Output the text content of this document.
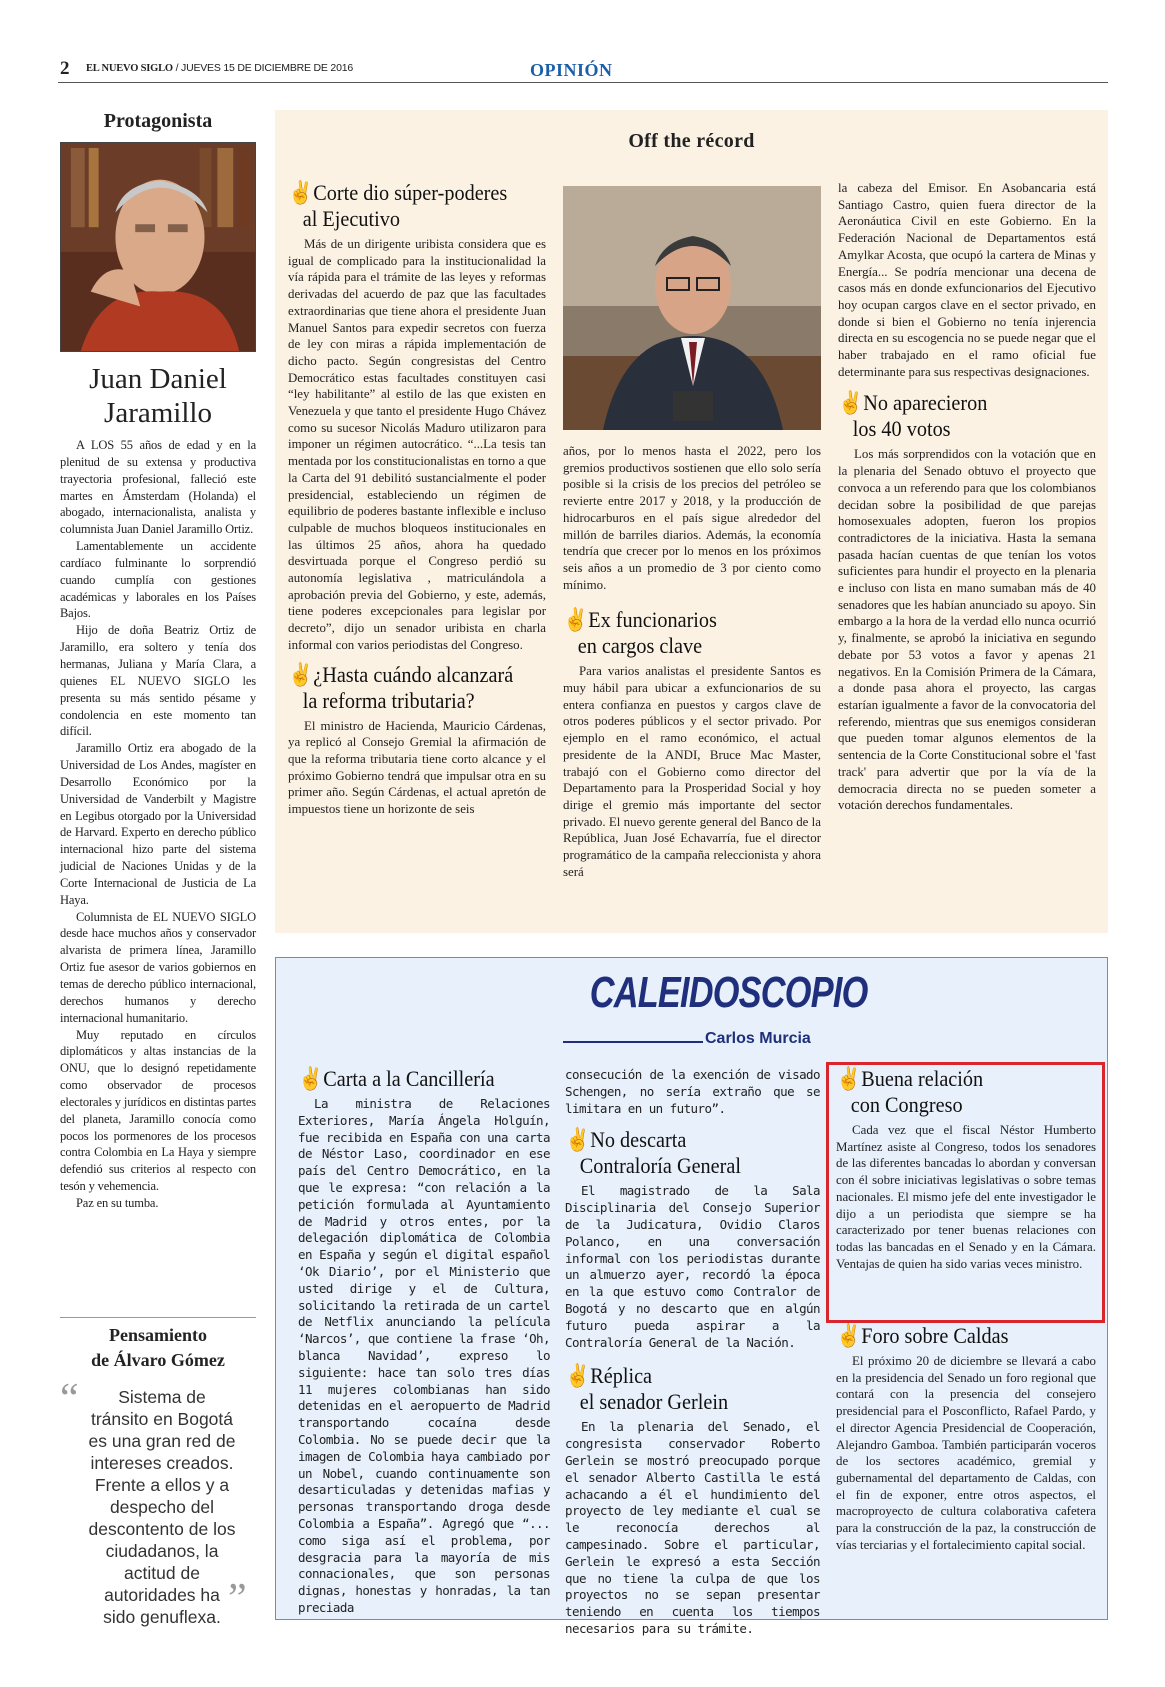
2 EL NUEVO SIGLO / JUEVES 15 DE DICIEMBRE DE 2016	OPINIÓN
Protagonista
Juan Daniel
Jaramillo

A LOS 55 años de edad y en la plenitud de su extensa y productiva trayectoria profesional, falleció este martes en Ámsterdam (Holanda) el abogado, internacionalista, analista y columnista Juan Daniel Jaramillo Ortiz.

Lamentablemente un accidente cardíaco fulminante lo sorprendió cuando cumplía con gestiones académicas y laborales en los Países Bajos.

Hijo de doña Beatriz Ortiz de Jaramillo, era soltero y tenía dos hermanas, Juliana y María Clara, a quienes EL NUEVO SIGLO les presenta su más sentido pésame y condolencia en este momento tan difícil.

Jaramillo Ortiz era abogado de la Universidad de Los Andes, magíster en Desarrollo Económico por la Universidad de Vanderbilt y Magistre en Legibus otorgado por la Universidad de Harvard. Experto en derecho público internacional hizo parte del sistema judicial de Naciones Unidas y de la Corte Internacional de Justicia de La Haya.

Columnista de EL NUEVO SIGLO desde hace muchos años y conservador alvarista de primera línea, Jaramillo Ortiz fue asesor de varios gobiernos en temas de derecho público internacional, derechos humanos y derecho internacional humanitario.

Muy reputado en círculos diplomáticos y altas instancias de la ONU, que lo designó repetidamente como observador de procesos electorales y jurídicos en distintas partes del planeta, Jaramillo conocía como pocos los pormenores de los procesos contra Colombia en La Haya y siempre defendió sus criterios al respecto con tesón y vehemencia.

Paz en su tumba.

Pensamiento
de Álvaro Gómez
“	Sistema de tránsito en Bogotá es una gran red de intereses creados. Frente a ellos y a despecho del descontento de los ciudadanos, la actitud de autoridades ha sido genuflexa. ”
Off the récord
✌Corte dio súper-poderes
al Ejecutivo

Más de un dirigente uribista considera que es igual de complicado para la institucionalidad la vía rápida para el trámite de las leyes y reformas derivadas del acuerdo de paz que las facultades extraordinarias que tiene ahora el presidente Juan Manuel Santos para expedir secretos con fuerza de ley con miras a rápida implementación de dicho pacto. Según congresistas del Centro Democrático estas facultades constituyen casi “ley habilitante” al estilo de las que existen en Venezuela y que tanto el presidente Hugo Chávez como su sucesor Nicolás Maduro utilizaron para imponer un régimen autocrático. “...La tesis tan mentada por los constitucionalistas en torno a que la Carta del 91 debilitó sustancialmente el poder presidencial, estableciendo un régimen de equilibrio de poderes bastante inflexible e incluso culpable de muchos bloqueos institucionales en las últimos 25 años, ahora ha quedado desvirtuada porque el Congreso perdió su autonomía legislativa , matriculándola a aprobación previa del Gobierno, y este, además, tiene poderes excepcionales para legislar por decreto”, dijo un senador uribista en charla informal con varios periodistas del Congreso.

✌¿Hasta cuándo alcanzará
la reforma tributaria?

El ministro de Hacienda, Mauricio Cárdenas, ya replicó al Consejo Gremial la afirmación de que la reforma tributaria tiene corto alcance y el próximo Gobierno tendrá que impulsar otra en su primer año. Según Cárdenas, el actual apretón de impuestos tiene un horizonte de seis

años, por lo menos hasta el 2022, pero los gremios productivos sostienen que ello solo sería posible si la crisis de los precios del petróleo se revierte entre 2017 y 2018, y la producción de hidrocarburos en el país sigue alrededor del millón de barriles diarios. Además, la economía tendría que crecer por lo menos en los próximos seis años a un promedio de 3 por ciento como mínimo.

✌Ex funcionarios
en cargos clave

Para varios analistas el presidente Santos es muy hábil para ubicar a exfuncionarios de su entera confianza en puestos y cargos clave de otros poderes públicos y el sector privado. Por ejemplo en el ramo económico, el actual presidente de la ANDI, Bruce Mac Master, trabajó con el Gobierno como director del Departamento para la Prosperidad Social y hoy dirige el gremio más importante del sector privado. El nuevo gerente general del Banco de la República, Juan José Echavarría, fue el director programático de la campaña releccionista y ahora será

la cabeza del Emisor. En Asobancaria está Santiago Castro, quien fuera director de la Aeronáutica Civil en este Gobierno. En la Federación Nacional de Departamentos está Amylkar Acosta, que ocupó la cartera de Minas y Energía... Se podría mencionar una decena de casos más en donde exfuncionarios del Ejecutivo hoy ocupan cargos clave en el sector privado, en donde si bien el Gobierno no tenía injerencia directa en su escogencia no se puede negar que el haber trabajado en el ramo oficial fue determinante para sus respectivas designaciones.

✌No aparecieron
los 40 votos

Los más sorprendidos con la votación que en la plenaria del Senado obtuvo el proyecto que convoca a un referendo para que los colombianos decidan sobre la posibilidad de que parejas homosexuales adopten, fueron los propios contradictores de la iniciativa. Hasta la semana pasada hacían cuentas de que tenían los votos suficientes para hundir el proyecto en la plenaria e incluso con lista en mano sumaban más de 40 senadores que les habían anunciado su apoyo. Sin embargo a la hora de la verdad ello nunca ocurrió y, finalmente, se aprobó la iniciativa en segundo debate por 53 votos a favor y apenas 21 negativos. En la Comisión Primera de la Cámara, a donde pasa ahora el proyecto, las cargas estarían igualmente a favor de la convocatoria del referendo, mientras que sus enemigos consideran que pueden tomar algunos elementos de la sentencia de la Corte Constitucional sobre el 'fast track' para advertir que por la vía de la democracia directa no se pueden someter a votación derechos fundamentales.

CALEIDOSCOPIO
Carlos Murcia
✌Carta a la Cancillería

La ministra de Relaciones Exteriores, María Ángela Holguín, fue recibida en España con una carta de Néstor Laso, coordinador en ese país del Centro Democrático, en la que le expresa: “con relación a la petición formulada al Ayuntamiento de Madrid y otros entes, por la delegación diplomática de Colombia en España y según el digital español ‘Ok Diario’, por el Ministerio que usted dirige y el de Cultura, solicitando la retirada de un cartel de Netflix anunciando la película ‘Narcos’, que contiene la frase ‘Oh, blanca Navidad’, expreso lo siguiente: hace tan solo tres días 11 mujeres colombianas han sido detenidas en el aeropuerto de Madrid transportando cocaína desde Colombia. No se puede decir que la imagen de Colombia haya cambiado por un Nobel, cuando continuamente son desarticuladas y detenidas mafias y personas transportando droga desde Colombia a España”. Agregó que “... como siga así el problema, por desgracia para la mayoría de mis connacionales, que son personas dignas, honestas y honradas, la tan preciada

consecución de la exención de visado Schengen, no sería extraño que se limitara en un futuro”.

✌No descarta
Contraloría General

El magistrado de la Sala Disciplinaria del Consejo Superior de la Judicatura, Ovidio Claros Polanco, en una conversación informal con los periodistas durante un almuerzo ayer, recordó la época en la que estuvo como Contralor de Bogotá y no descarto que en algún futuro pueda aspirar a la Contraloría General de la Nación.

✌Réplica
el senador Gerlein

En la plenaria del Senado, el congresista conservador Roberto Gerlein se mostró preocupado porque el senador Alberto Castilla le está achacando a él el hundimiento del proyecto de ley mediante el cual se le reconocía derechos al campesinado. Sobre el particular, Gerlein le expresó a esta Sección que no tiene la culpa de que los proyectos no se sepan presentar teniendo en cuenta los tiempos necesarios para su trámite.

✌Buena relación
con Congreso

Cada vez que el fiscal Néstor Humberto Martínez asiste al Congreso, todos los senadores de las diferentes bancadas lo abordan y conversan con él sobre iniciativas legislativas o sobre temas nacionales. El mismo jefe del ente investigador le dijo a un periodista que siempre se ha caracterizado por tener buenas relaciones con todas las bancadas en el Senado y en la Cámara. Ventajas de quien ha sido varias veces ministro.

✌Foro sobre Caldas

El próximo 20 de diciembre se llevará a cabo en la presidencia del Senado un foro regional que contará con la presencia del consejero presidencial para el Posconflicto, Rafael Pardo, y el director Agencia Presidencial de Cooperación, Alejandro Gamboa. También participarán voceros de los sectores académico, gremial y gubernamental del departamento de Caldas, con el fin de exponer, entre otros aspectos, el macroproyecto de cultura colaborativa cafetera para la construcción de la paz, la construcción de vías terciarias y el fortalecimiento capital social.
